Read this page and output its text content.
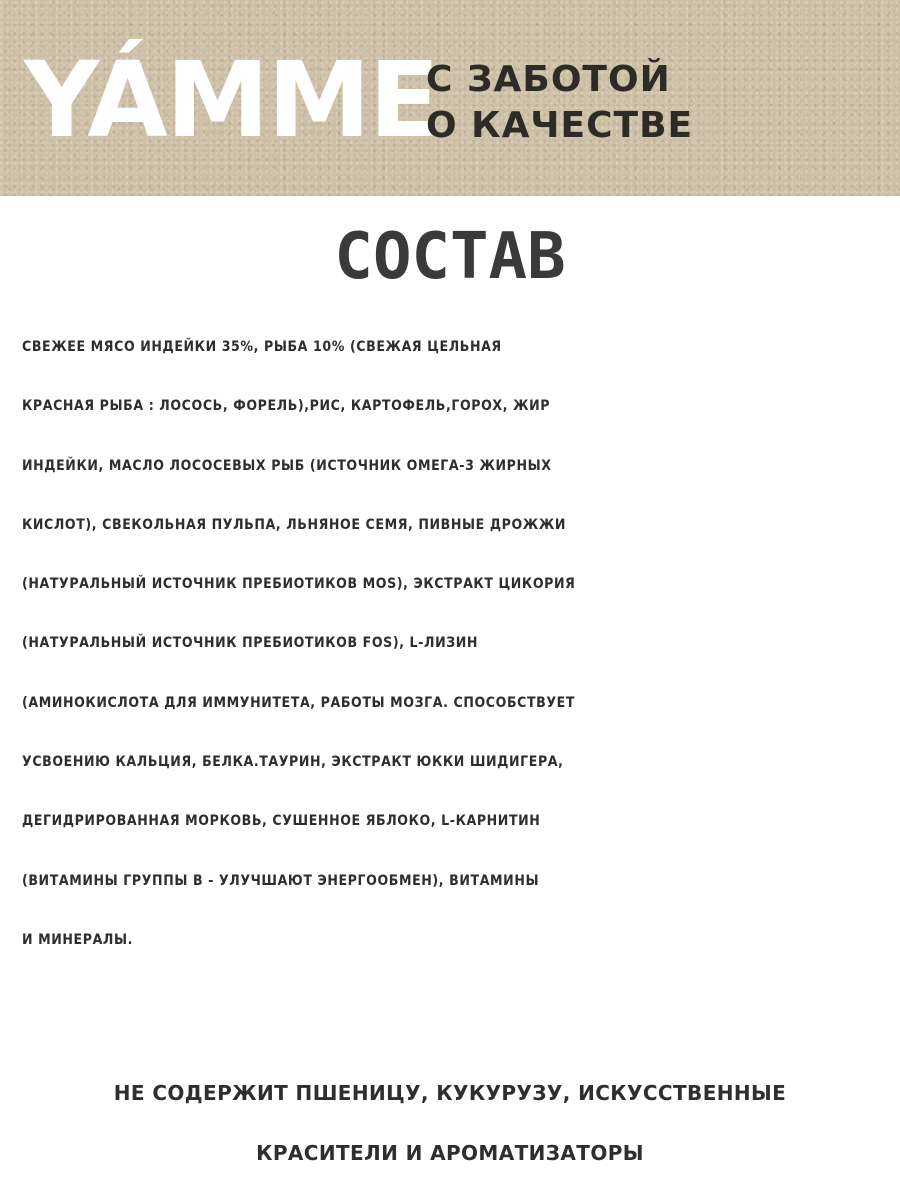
YÁMME
С ЗАБОТОЙ
О КАЧЕСТВЕ
СОСТАВ
СВЕЖЕЕ МЯСО ИНДЕЙКИ 35%, РЫБА 10% (СВЕЖАЯ ЦЕЛЬНАЯ
КРАСНАЯ РЫБА : ЛОСОСЬ, ФОРЕЛЬ),РИС, КАРТОФЕЛЬ,ГОРОХ, ЖИР
ИНДЕЙКИ, МАСЛО ЛОСОСЕВЫХ РЫБ (ИСТОЧНИК ОМЕГА-3 ЖИРНЫХ
КИСЛОТ), СВЕКОЛЬНАЯ ПУЛЬПА, ЛЬНЯНОЕ СЕМЯ, ПИВНЫЕ ДРОЖЖИ
(НАТУРАЛЬНЫЙ ИСТОЧНИК ПРЕБИОТИКОВ MOS), ЭКСТРАКТ ЦИКОРИЯ
(НАТУРАЛЬНЫЙ ИСТОЧНИК ПРЕБИОТИКОВ FOS), L-ЛИЗИН
(АМИНОКИСЛОТА ДЛЯ ИММУНИТЕТА, РАБОТЫ МОЗГА. СПОСОБСТВУЕТ
УСВОЕНИЮ КАЛЬЦИЯ, БЕЛКА.ТАУРИН, ЭКСТРАКТ ЮККИ ШИДИГЕРА,
ДЕГИДРИРОВАННАЯ МОРКОВЬ, СУШЕННОЕ ЯБЛОКО, L-КАРНИТИН
(ВИТАМИНЫ ГРУППЫ В - УЛУЧШАЮТ ЭНЕРГООБМЕН), ВИТАМИНЫ
И МИНЕРАЛЫ.
НЕ СОДЕРЖИТ ПШЕНИЦУ, КУКУРУЗУ, ИСКУССТВЕННЫЕ
КРАСИТЕЛИ И АРОМАТИЗАТОРЫ
